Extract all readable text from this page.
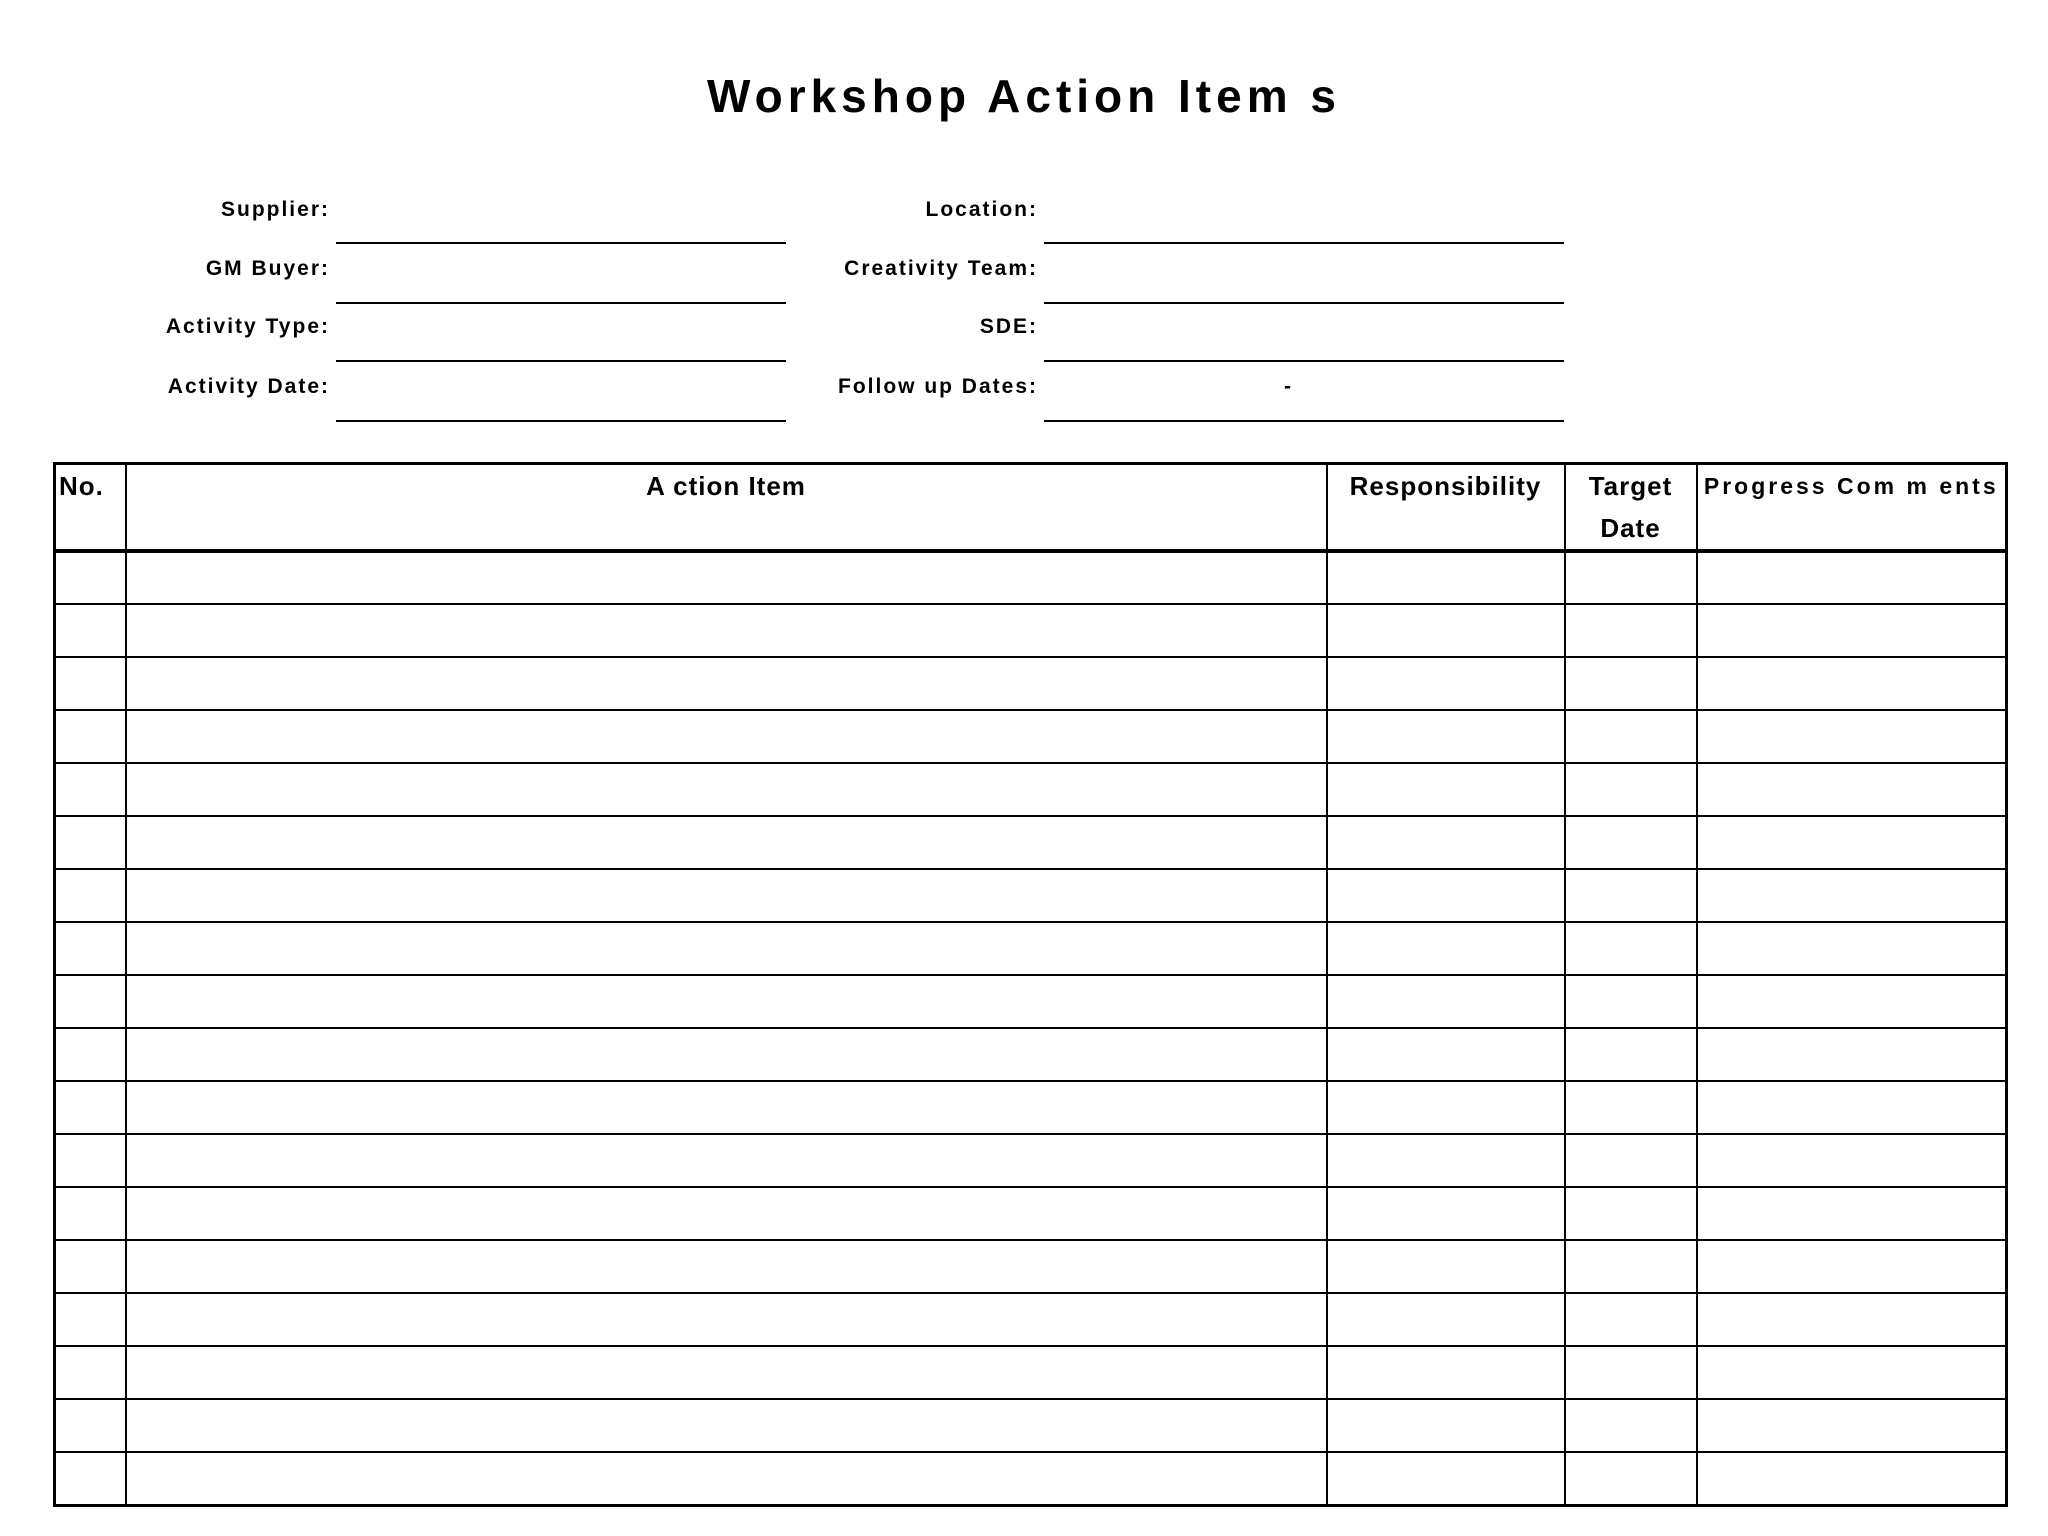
Workshop Action Item s
Supplier:
GM Buyer:
Activity Type:
Activity Date:
Location:
Creativity Team:
SDE:
Follow up Dates:	-
No.	A ction Item	Responsibility	Target Date	Progress Com m ents
